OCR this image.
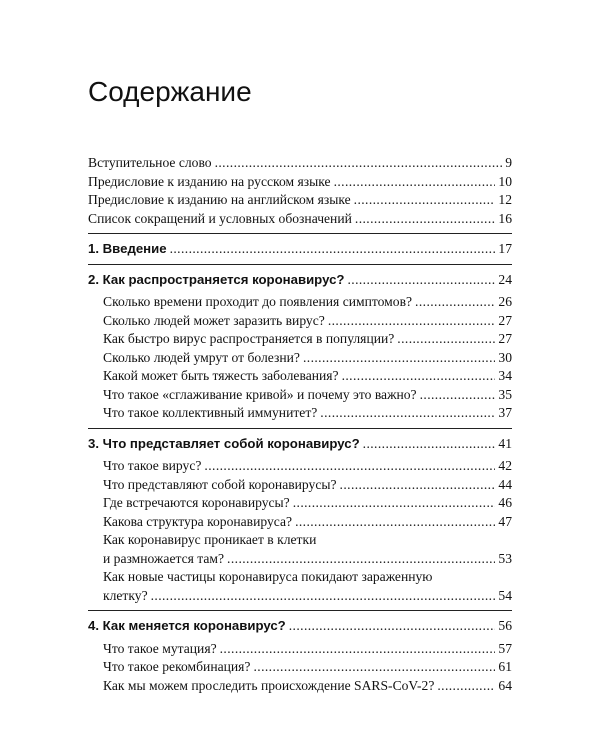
Содержание
Вступительное слово .....	9
Предисловие к изданию на русском языке .....	10
Предисловие к изданию на английском языке .....	12
Список сокращений и условных обозначений .....	16
1. Введение .....	17
2. Как распространяется коронавирус? .....	24
Сколько времени проходит до появления симптомов? .....	26
Сколько людей может заразить вирус? .....	27
Как быстро вирус распространяется в популяции? .....	27
Сколько людей умрут от болезни? .....	30
Какой может быть тяжесть заболевания? .....	34
Что такое «сглаживание кривой» и почему это важно? .....	35
Что такое коллективный иммунитет? .....	37
3. Что представляет собой коронавирус? .....	41
Что такое вирус? .....	42
Что представляют собой коронавирусы? .....	44
Где встречаются коронавирусы? .....	46
Какова структура коронавируса? .....	47
Как коронавирус проникает в клетки
и размножается там? .....	53
Как новые частицы коронавируса покидают зараженную
клетку? .....	54
4. Как меняется коронавирус? .....	56
Что такое мутация? .....	57
Что такое рекомбинация? .....	61
Как мы можем проследить происхождение SARS-CoV-2? .....	64
